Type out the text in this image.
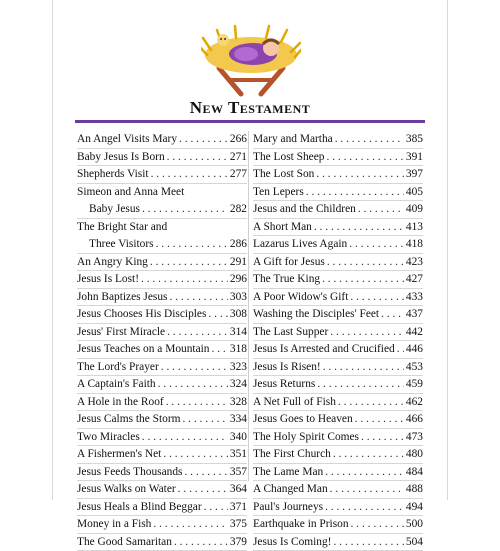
New Testament
An Angel Visits Mary . . .	266
Baby Jesus Is Born . . .	271
Shepherds Visit . . .	277
Simeon and Anna Meet
Baby Jesus . . .	282
The Bright Star and
Three Visitors . . .	286
An Angry King . . .	291
Jesus Is Lost! . . .	296
John Baptizes Jesus . . .	303
Jesus Chooses His Disciples . . . 308
Jesus' First Miracle . . .	314
Jesus Teaches on a Mountain . . . 318
The Lord's Prayer . . .	323
A Captain's Faith . . .	324
A Hole in the Roof . . .	328
Jesus Calms the Storm . . .	334
Two Miracles . . .	340
A Fishermen's Net . . .	351
Jesus Feeds Thousands . . .	357
Jesus Walks on Water . . .	364
Jesus Heals a Blind Beggar . . . 371
Money in a Fish . . .	375
The Good Samaritan . . .	379
Mary and Martha . . .	385
The Lost Sheep . . .	391
The Lost Son . . .	397
Ten Lepers . . .	405
Jesus and the Children . . .	409
A Short Man . . .	413
Lazarus Lives Again . . .	418
A Gift for Jesus . . .	423
The True King . . .	427
A Poor Widow's Gift . . .	433
Washing the Disciples' Feet . . . 437
The Last Supper . . .	442
Jesus Is Arrested and Crucified . . . 446
Jesus Is Risen! . . .	453
Jesus Returns . . .	459
A Net Full of Fish . . .	462
Jesus Goes to Heaven . . .	466
The Holy Spirit Comes . . .	473
The First Church . . .	480
The Lame Man . . .	484
A Changed Man . . .	488
Paul's Journeys . . .	494
Earthquake in Prison . . .	500
Jesus Is Coming! . . .	504
